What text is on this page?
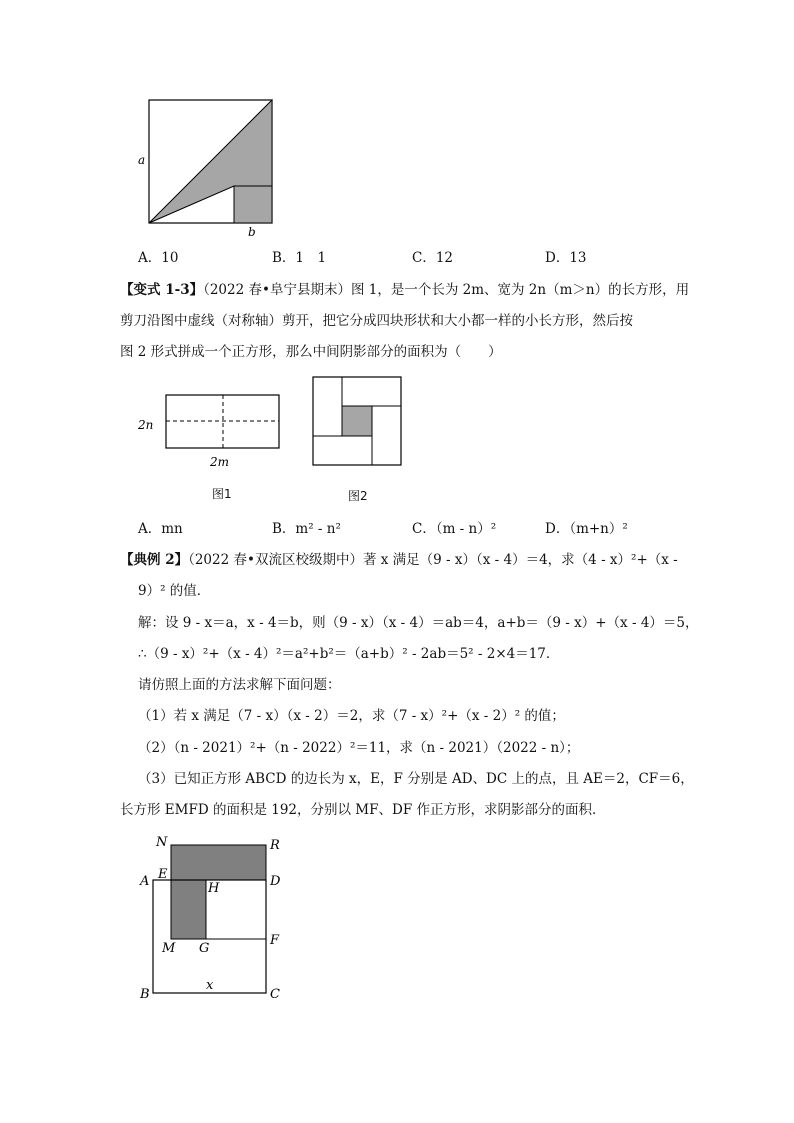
a
b
A．10	B．1　1	C．12	D．13
【变式 1-3】（2022 春•阜宁县期末）图 1，是一个长为 2m、宽为 2n（m＞n）的长方形，用
剪刀沿图中虚线（对称轴）剪开，把它分成四块形状和大小都一样的小长方形，然后按
图 2 形式拼成一个正方形，那么中间阴影部分的面积为（　　）
2n
2m
图1	图2
A．mn	B．m² - n²	C．（m - n）²	D．（m+n）²
【典例 2】（2022 春•双流区校级期中）著 x 满足（9 - x）（x - 4）＝4，求（4 - x）²+（x -
9）² 的值．
解：设 9 - x＝a，x - 4＝b，则（9 - x）（x - 4）＝ab＝4，a+b＝（9 - x）+（x - 4）＝5，
∴（9 - x）²+（x - 4）²＝a²+b²＝（a+b）² - 2ab＝5² - 2×4＝17．
请仿照上面的方法求解下面问题：
（1）若 x 满足（7 - x）（x - 2）＝2，求（7 - x）²+（x - 2）² 的值；
（2）（n - 2021）²+（n - 2022）²＝11，求（n - 2021）（2022 - n）；
（3）已知正方形 ABCD 的边长为 x，E，F 分别是 AD、DC 上的点，且 AE＝2，CF＝6，
长方形 EMFD 的面积是 192，分别以 MF、DF 作正方形，求阴影部分的面积．
N	R
A E
H	D
M G
F
B
x
C
